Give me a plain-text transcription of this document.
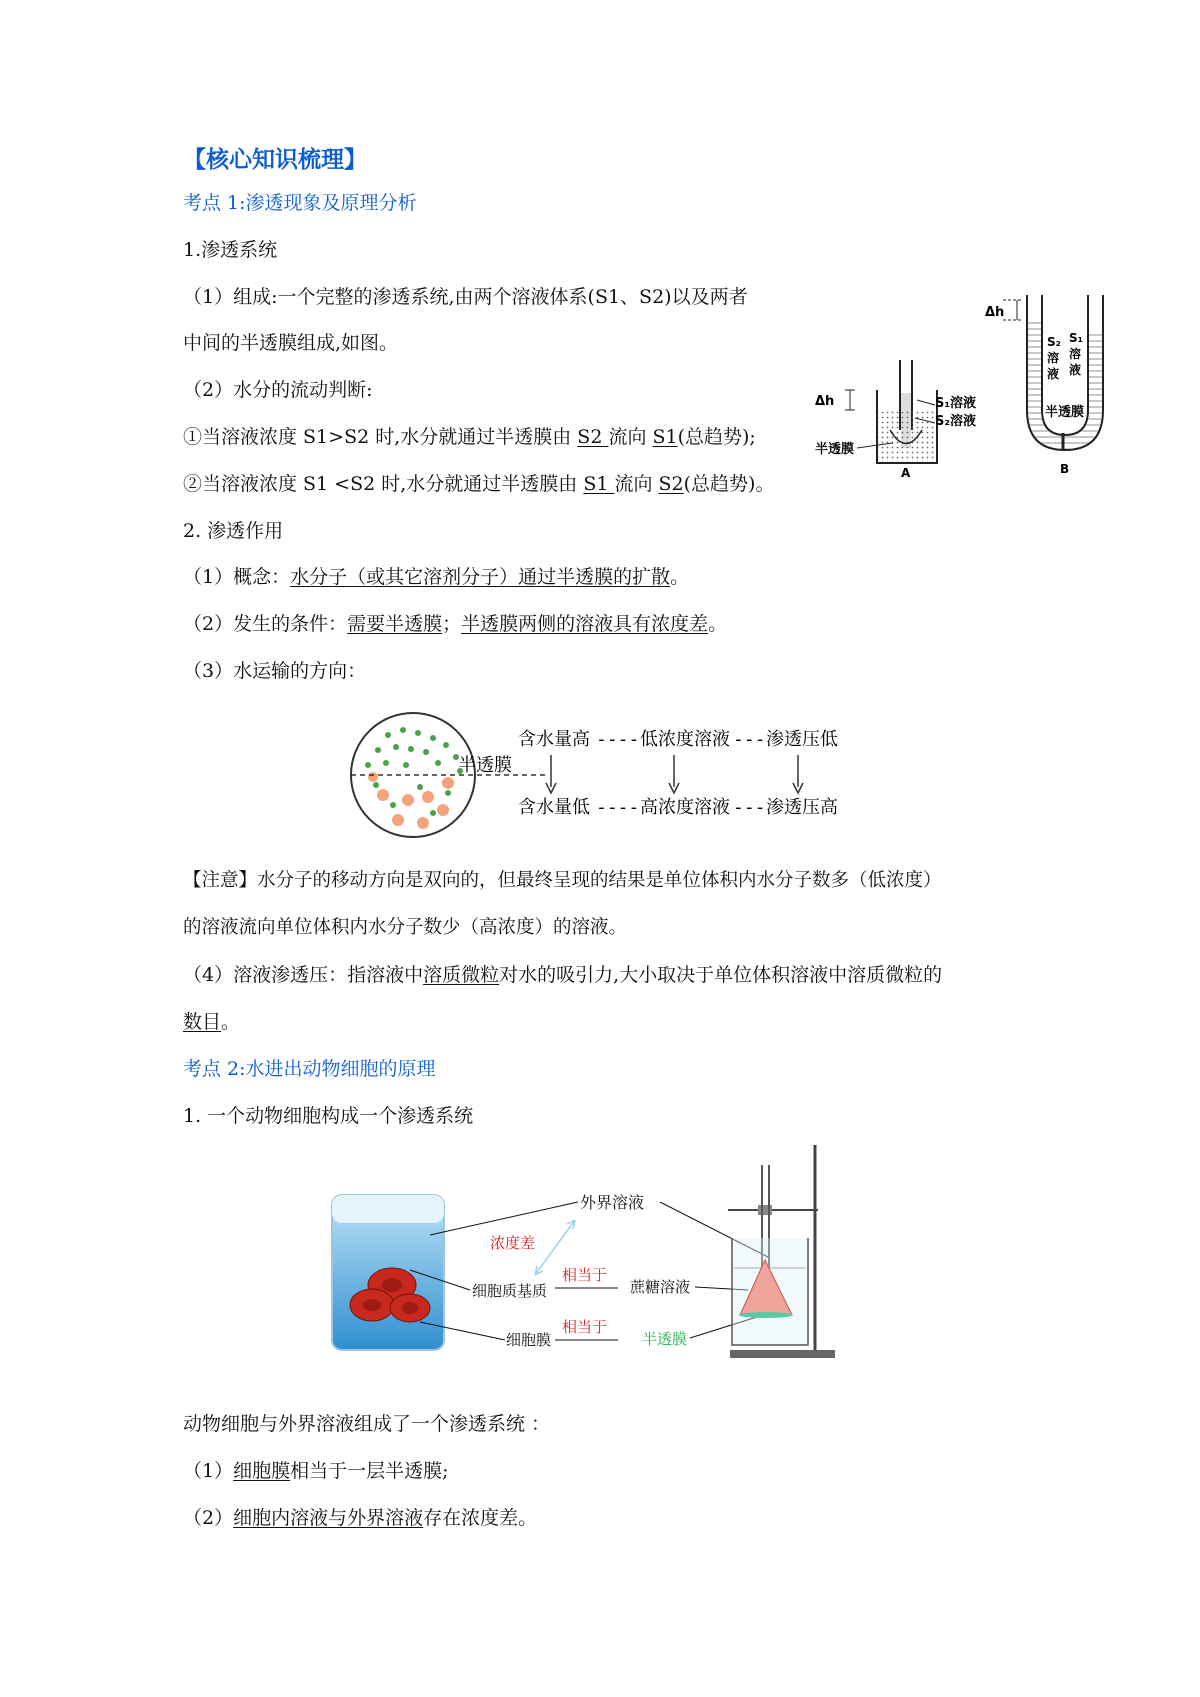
【核心知识梳理】
考点 1:渗透现象及原理分析
1.渗透系统
（1）组成:一个完整的渗透系统,由两个溶液体系(S1、S2)以及两者
中间的半透膜组成,如图。
（2）水分的流动判断:
①当溶液浓度 S1>S2 时,水分就通过半透膜由 S2 流向 S1(总趋势);
②当溶液浓度 S1 <S2 时,水分就通过半透膜由 S1 流向 S2(总趋势)。
Δh	S₁溶液
S₂溶液
半透膜
A
Δh
S₂
溶
液
S₁
溶
液
半透膜
B
2. 渗透作用
（1）概念：水分子（或其它溶剂分子）通过半透膜的扩散。
（2）发生的条件：需要半透膜；半透膜两侧的溶液具有浓度差。
（3）水运输的方向：
半透膜
含水量高 ---- 低浓度溶液 --- 渗透压低
含水量低 ---- 高浓度溶液 --- 渗透压高
【注意】水分子的移动方向是双向的，但最终呈现的结果是单位体积内水分子数多（低浓度）
的溶液流向单位体积内水分子数少（高浓度）的溶液。
（4）溶液渗透压：指溶液中溶质微粒对水的吸引力,大小取决于单位体积溶液中溶质微粒的
数目。
考点 2:水进出动物细胞的原理
1. 一个动物细胞构成一个渗透系统
外界溶液
浓度差
细胞质基质
细胞膜
相当于
相当于
蔗糖溶液
半透膜
动物细胞与外界溶液组成了一个渗透系统 ：
（1）细胞膜相当于一层半透膜;
（2）细胞内溶液与外界溶液存在浓度差。
